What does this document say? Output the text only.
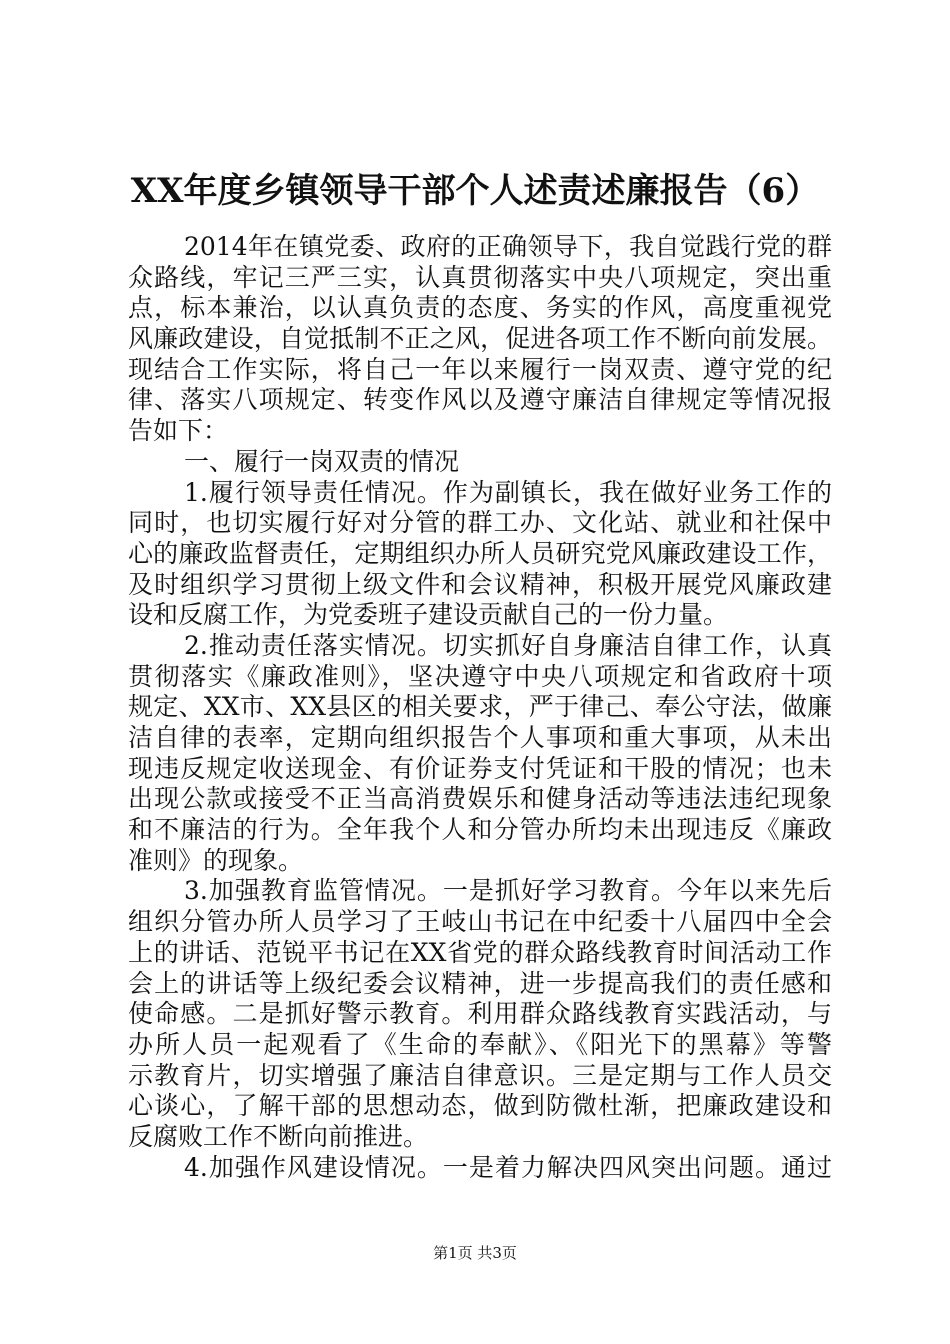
XX年度乡镇领导干部个人述责述廉报告（6）
2014年在镇党委、政府的正确领导下，我自觉践行党的群
众路线，牢记三严三实，认真贯彻落实中央八项规定，突出重
点，标本兼治，以认真负责的态度、务实的作风，高度重视党
风廉政建设，自觉抵制不正之风，促进各项工作不断向前发展。
现结合工作实际，将自己一年以来履行一岗双责、遵守党的纪
律、落实八项规定、转变作风以及遵守廉洁自律规定等情况报
告如下：
一、履行一岗双责的情况
1.履行领导责任情况。作为副镇长，我在做好业务工作的
同时，也切实履行好对分管的群工办、文化站、就业和社保中
心的廉政监督责任，定期组织办所人员研究党风廉政建设工作，
及时组织学习贯彻上级文件和会议精神，积极开展党风廉政建
设和反腐工作，为党委班子建设贡献自己的一份力量。
2.推动责任落实情况。切实抓好自身廉洁自律工作，认真
贯彻落实《廉政准则》，坚决遵守中央八项规定和省政府十项
规定、XX市、XX县区的相关要求，严于律己、奉公守法，做廉
洁自律的表率，定期向组织报告个人事项和重大事项，从未出
现违反规定收送现金、有价证券支付凭证和干股的情况；也未
出现公款或接受不正当高消费娱乐和健身活动等违法违纪现象
和不廉洁的行为。全年我个人和分管办所均未出现违反《廉政
准则》的现象。
3.加强教育监管情况。一是抓好学习教育。今年以来先后
组织分管办所人员学习了王岐山书记在中纪委十八届四中全会
上的讲话、范锐平书记在XX省党的群众路线教育时间活动工作
会上的讲话等上级纪委会议精神，进一步提高我们的责任感和
使命感。二是抓好警示教育。利用群众路线教育实践活动，与
办所人员一起观看了《生命的奉献》、《阳光下的黑幕》等警
示教育片，切实增强了廉洁自律意识。三是定期与工作人员交
心谈心，了解干部的思想动态，做到防微杜渐，把廉政建设和
反腐败工作不断向前推进。
4.加强作风建设情况。一是着力解决四风突出问题。通过
第1页 共3页
